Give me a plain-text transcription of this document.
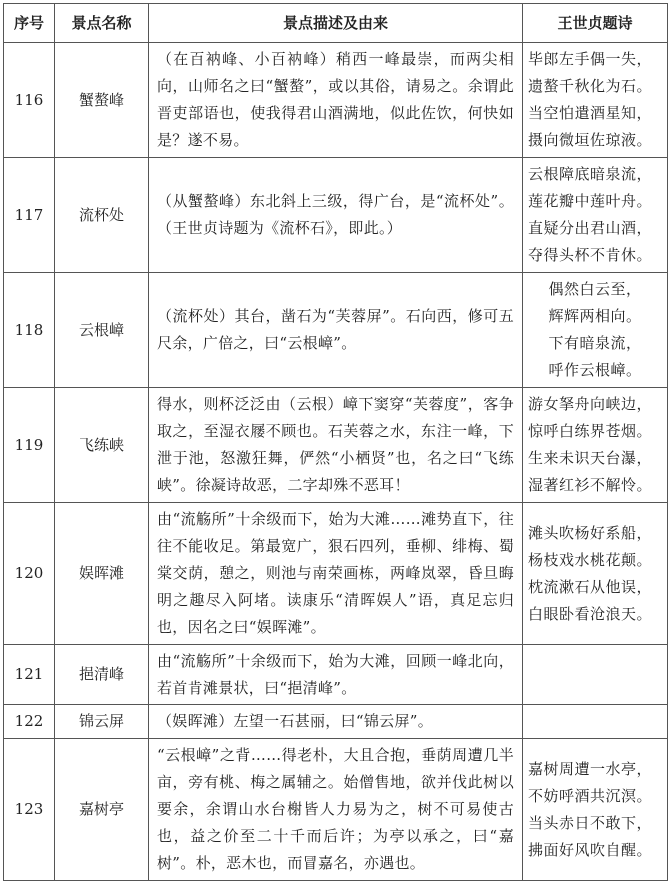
序号	景点名称	景点描述及由来	王世贞题诗
116	蟹螯峰	（在百衲峰、小百衲峰）稍西一峰最崇，而两尖相向，山师名之曰“蟹螯”，或以其俗，请易之。余谓此晋吏部语也，使我得君山酒满地，似此佐饮，何快如是？遂不易。	毕郎左手偶一失，
遗螯千秋化为石。
当空怕遣酒星知，
摄向微垣佐琼液。

117	流杯处	（从蟹螯峰）东北斜上三级，得广台，是“流杯处”。（王世贞诗题为《流杯石》，即此。）	云根障底暗泉流，
莲花瓣中莲叶舟。
直疑分出君山酒，
夺得头杯不肯休。

118	云根嶂	（流杯处）其台，凿石为“芙蓉屏”。石向西，修可五尺余，广倍之，曰“云根嶂”。	偶然白云至，
辉辉两相向。
下有暗泉流，
呼作云根嶂。

119	飞练峡	得水，则杯泛泛由（云根）嶂下窦穿“芙蓉度”，客争取之，至湿衣屦不顾也。石芙蓉之水，东注一峰，下泄于池，怒激狂舞，俨然“小栖贤”也，名之曰“飞练峡”。徐凝诗故恶，二字却殊不恶耳！	游女拏舟向峡边，
惊呼白练界苍烟。
生来未识天台瀑，
湿著红衫不解怜。

120	娱晖滩	由“流觞所”十余级而下，始为大滩……滩势直下，往往不能收足。第最宽广，狠石四列，垂柳、绯梅、蜀棠交荫，憩之，则池与南荣画栋，两峰岚翠，昏旦晦明之趣尽入阿堵。读康乐“清晖娱人”语，真足忘归也，因名之曰“娱晖滩”。	滩头吹杨好系船，
杨枝戏水桃花颠。
枕流漱石从他误，
白眼卧看沧浪天。

121	挹清峰	由“流觞所”十余级而下，始为大滩，回顾一峰北向，若首肯滩景状，曰“挹清峰”。	
122	锦云屏	（娱晖滩）左望一石甚丽，曰“锦云屏”。	
123	嘉树亭	“云根嶂”之背……得老朴，大且合抱，垂荫周遭几半亩，旁有桃、梅之属辅之。始僧售地，欲并伐此树以要余，余谓山水台榭皆人力易为之，树不可易使古也，益之价至二十千而后许；为亭以承之，曰“嘉树”。朴，恶木也，而冒嘉名，亦遇也。	嘉树周遭一水亭，
不妨呼酒共沉溟。
当头赤日不敢下，
拂面好风吹自醒。
